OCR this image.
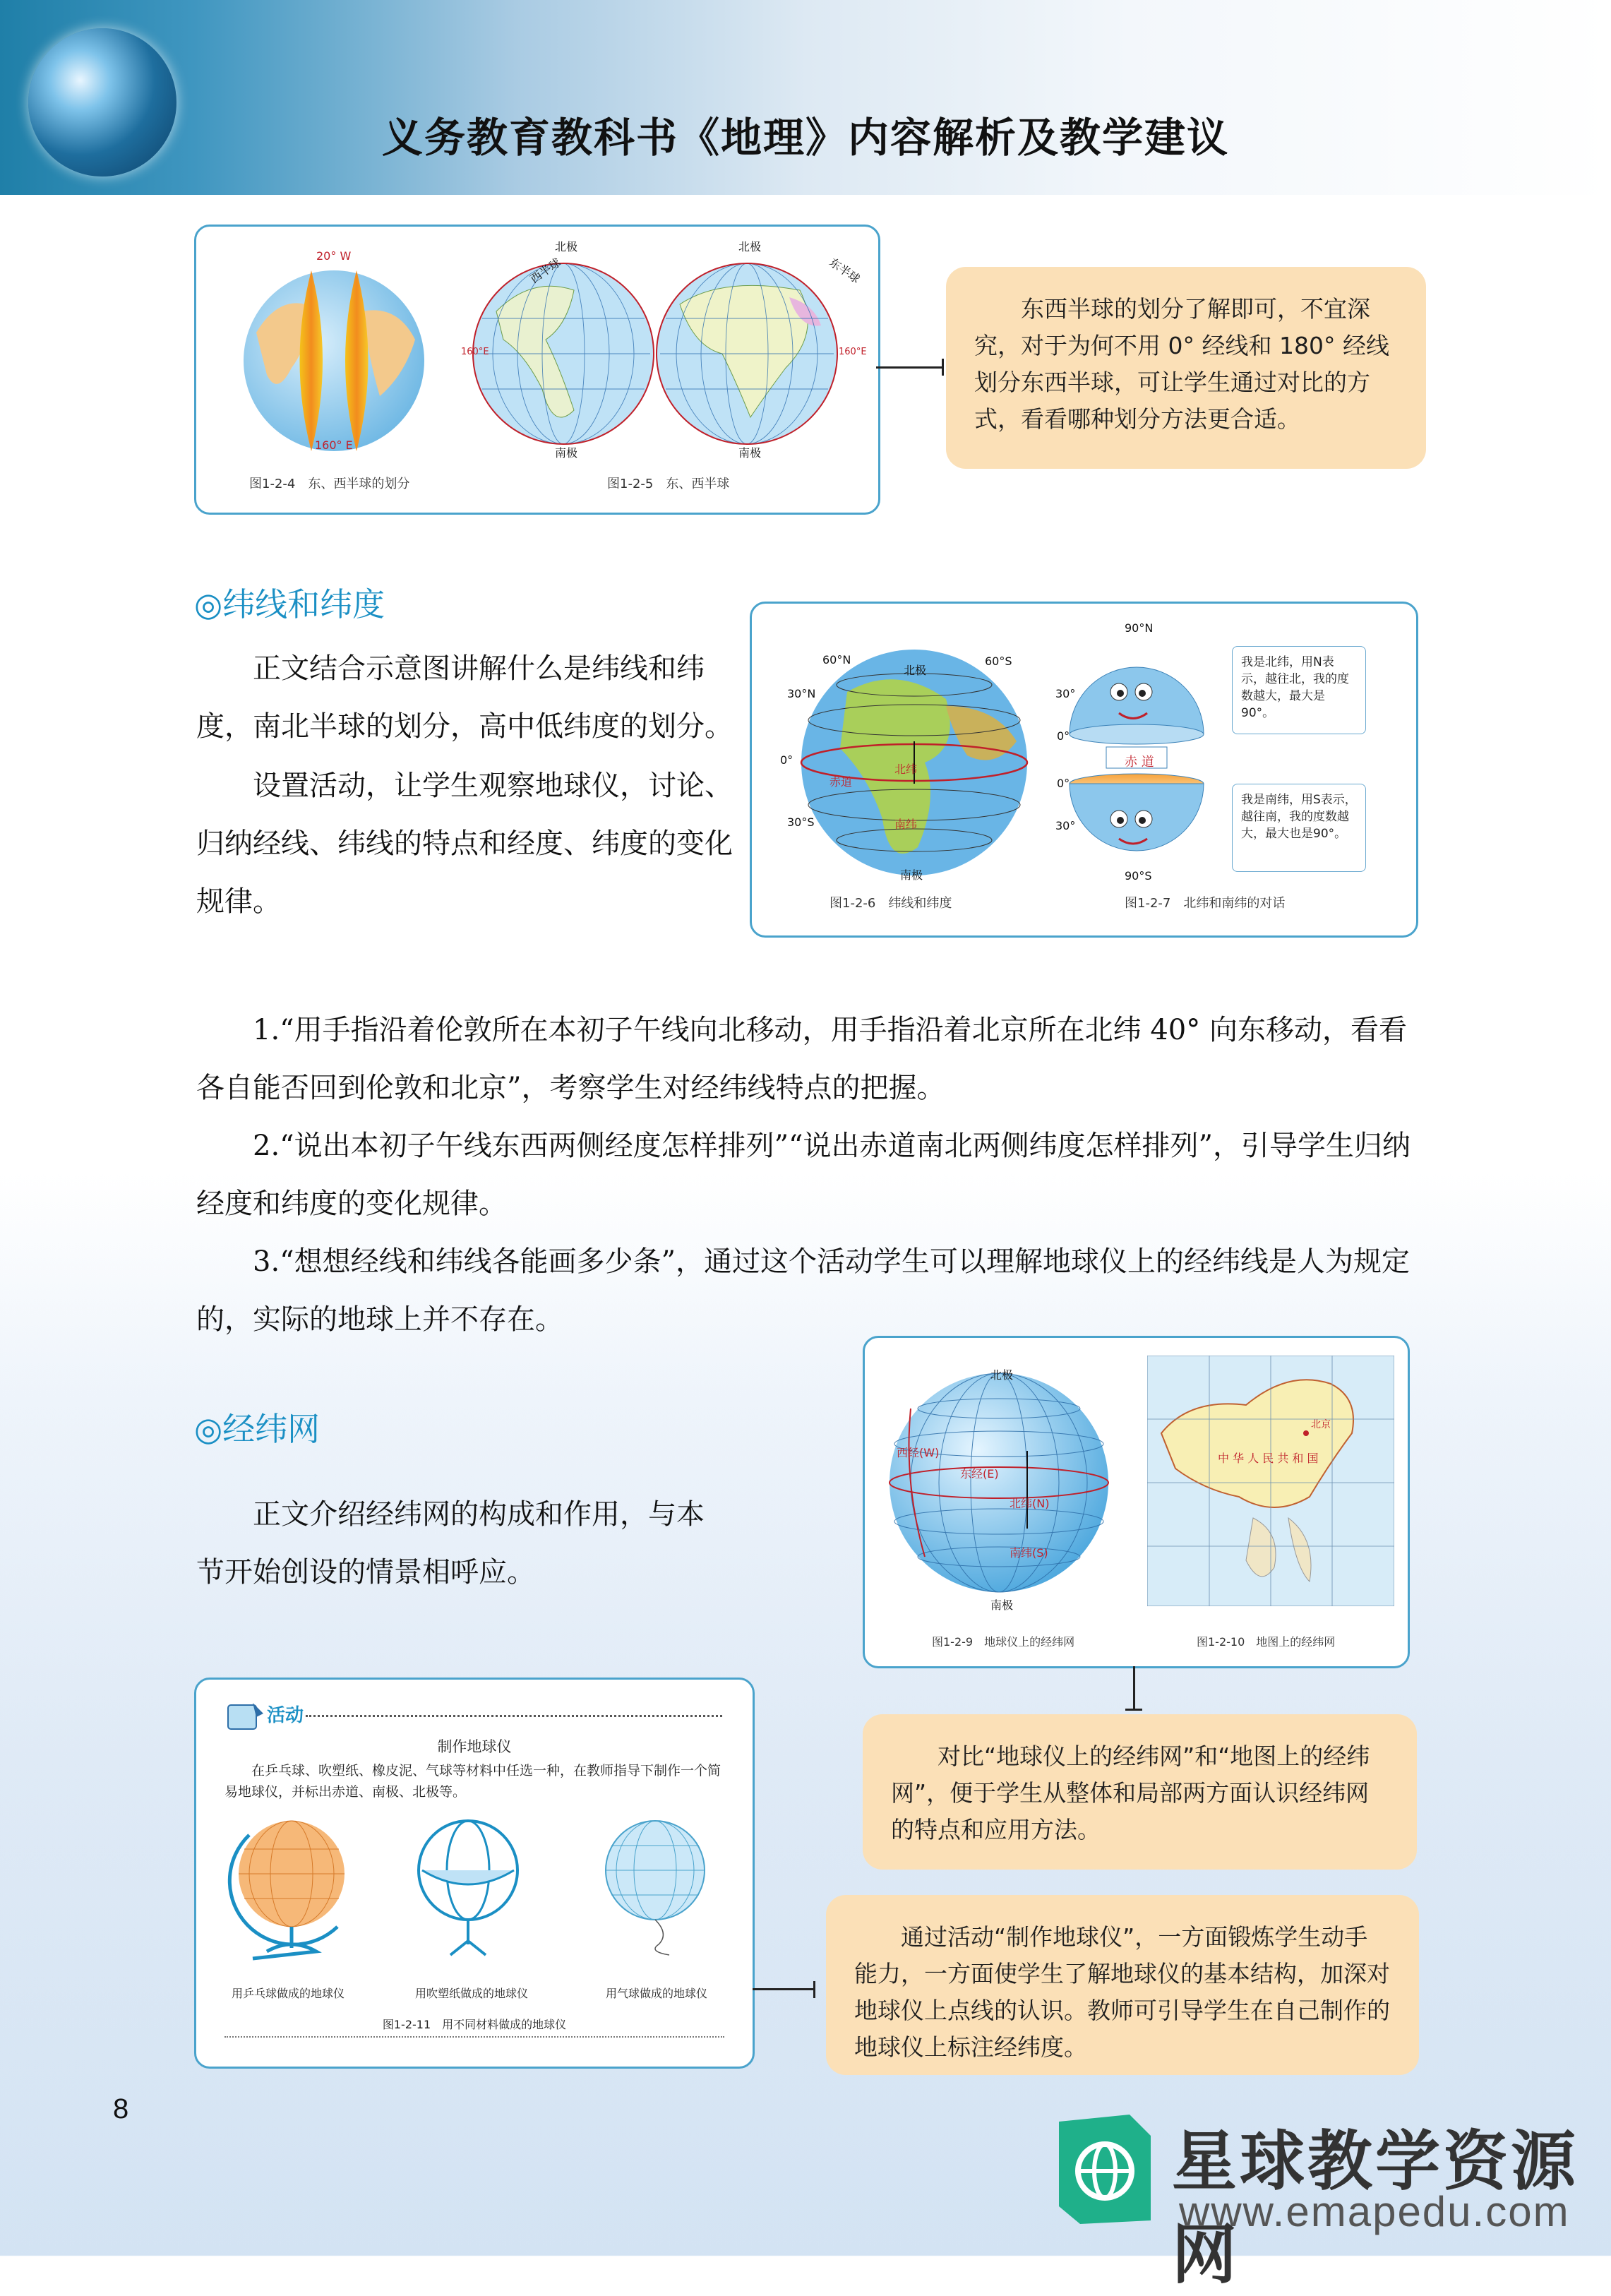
义务教育教科书《地理》内容解析及教学建议
20° W
160° E
图1-2-4　东、西半球的划分
北极	北极
西半球	东半球
160°E	160°E
南极	南极
图1-2-5　东、西半球
东西半球的划分了解即可，不宜深究，对于为何不用 0° 经线和 180° 经线划分东西半球，可让学生通过对比的方式，看看哪种划分方法更合适。
◎纬线和纬度

正文结合示意图讲解什么是纬线和纬度，南北半球的划分，高中低纬度的划分。

设置活动，让学生观察地球仪，讨论、归纳经线、纬线的特点和经度、纬度的变化规律。

北极
60°N
30°N
0°
赤道
北纬
南纬
30°S
60°S
南极
图1-2-6　纬线和纬度
90°N
30°
0°
赤 道
0°
30°
90°S
我是北纬，用N表示，越往北，我的度数越大，最大是90°。
我是南纬，用S表示，越往南，我的度数越大，最大也是90°。
图1-2-7　北纬和南纬的对话

1.“用手指沿着伦敦所在本初子午线向北移动，用手指沿着北京所在北纬 40° 向东移动，看看各自能否回到伦敦和北京”，考察学生对经纬线特点的把握。

2.“说出本初子午线东西两侧经度怎样排列”“说出赤道南北两侧纬度怎样排列”，引导学生归纳经度和纬度的变化规律。

3.“想想经线和纬线各能画多少条”，通过这个活动学生可以理解地球仪上的经纬线是人为规定的，实际的地球上并不存在。

◎经纬网

正文介绍经纬网的构成和作用，与本节开始创设的情景相呼应。

北极
西经(W)
东经(E)
北纬(N)
南纬(S)
南极
图1-2-9　地球仪上的经纬网
北京
中 华 人 民 共 和 国
图1-2-10　地图上的经纬网
对比“地球仪上的经纬网”和“地图上的经纬网”，便于学生从整体和局部两方面认识经纬网的特点和应用方法。
活动
制作地球仪
在乒乓球、吹塑纸、橡皮泥、气球等材料中任选一种，在教师指导下制作一个简易地球仪，并标出赤道、南极、北极等。
用乒乓球做成的地球仪	用吹塑纸做成的地球仪	用气球做成的地球仪
图1-2-11　用不同材料做成的地球仪
通过活动“制作地球仪”，一方面锻炼学生动手能力，一方面使学生了解地球仪的基本结构，加深对地球仪上点线的认识。教师可引导学生在自己制作的地球仪上标注经纬度。
8
星球教学资源网
www.emapedu.com
